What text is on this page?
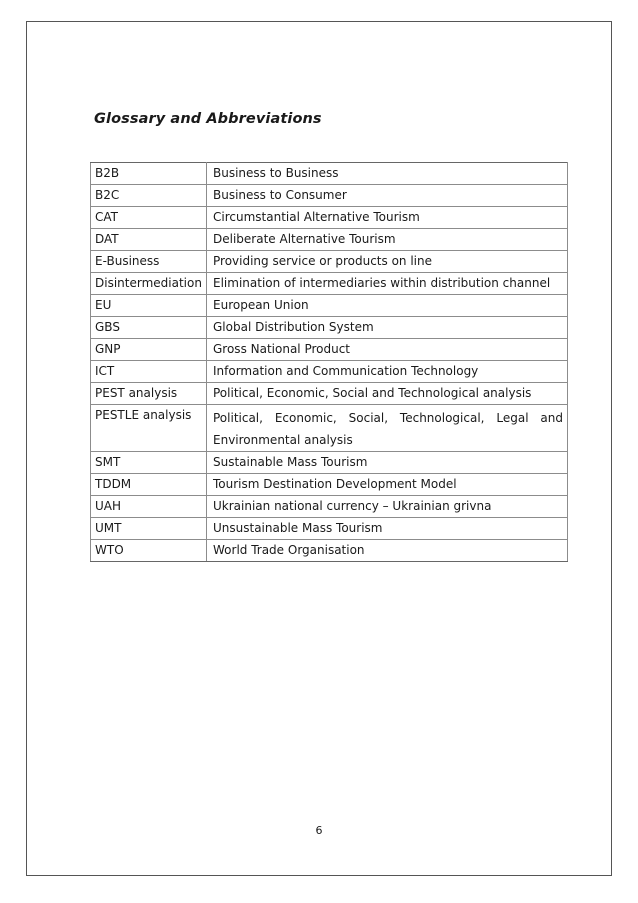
Glossary and Abbreviations
B2B	Business to Business
B2C	Business to Consumer
CAT	Circumstantial Alternative Tourism
DAT	Deliberate Alternative Tourism
E-Business	Providing service or products on line
Disintermediation	Elimination of intermediaries within distribution channel
EU	European Union
GBS	Global Distribution System
GNP	Gross National Product
ICT	Information and Communication Technology
PEST analysis	Political, Economic, Social and Technological analysis
PESTLE analysis	Political, Economic, Social, Technological, Legal and Environmental analysis
SMT	Sustainable Mass Tourism
TDDM	Tourism Destination Development Model
UAH	Ukrainian national currency – Ukrainian grivna
UMT	Unsustainable Mass Tourism
WTO	World Trade Organisation
6
